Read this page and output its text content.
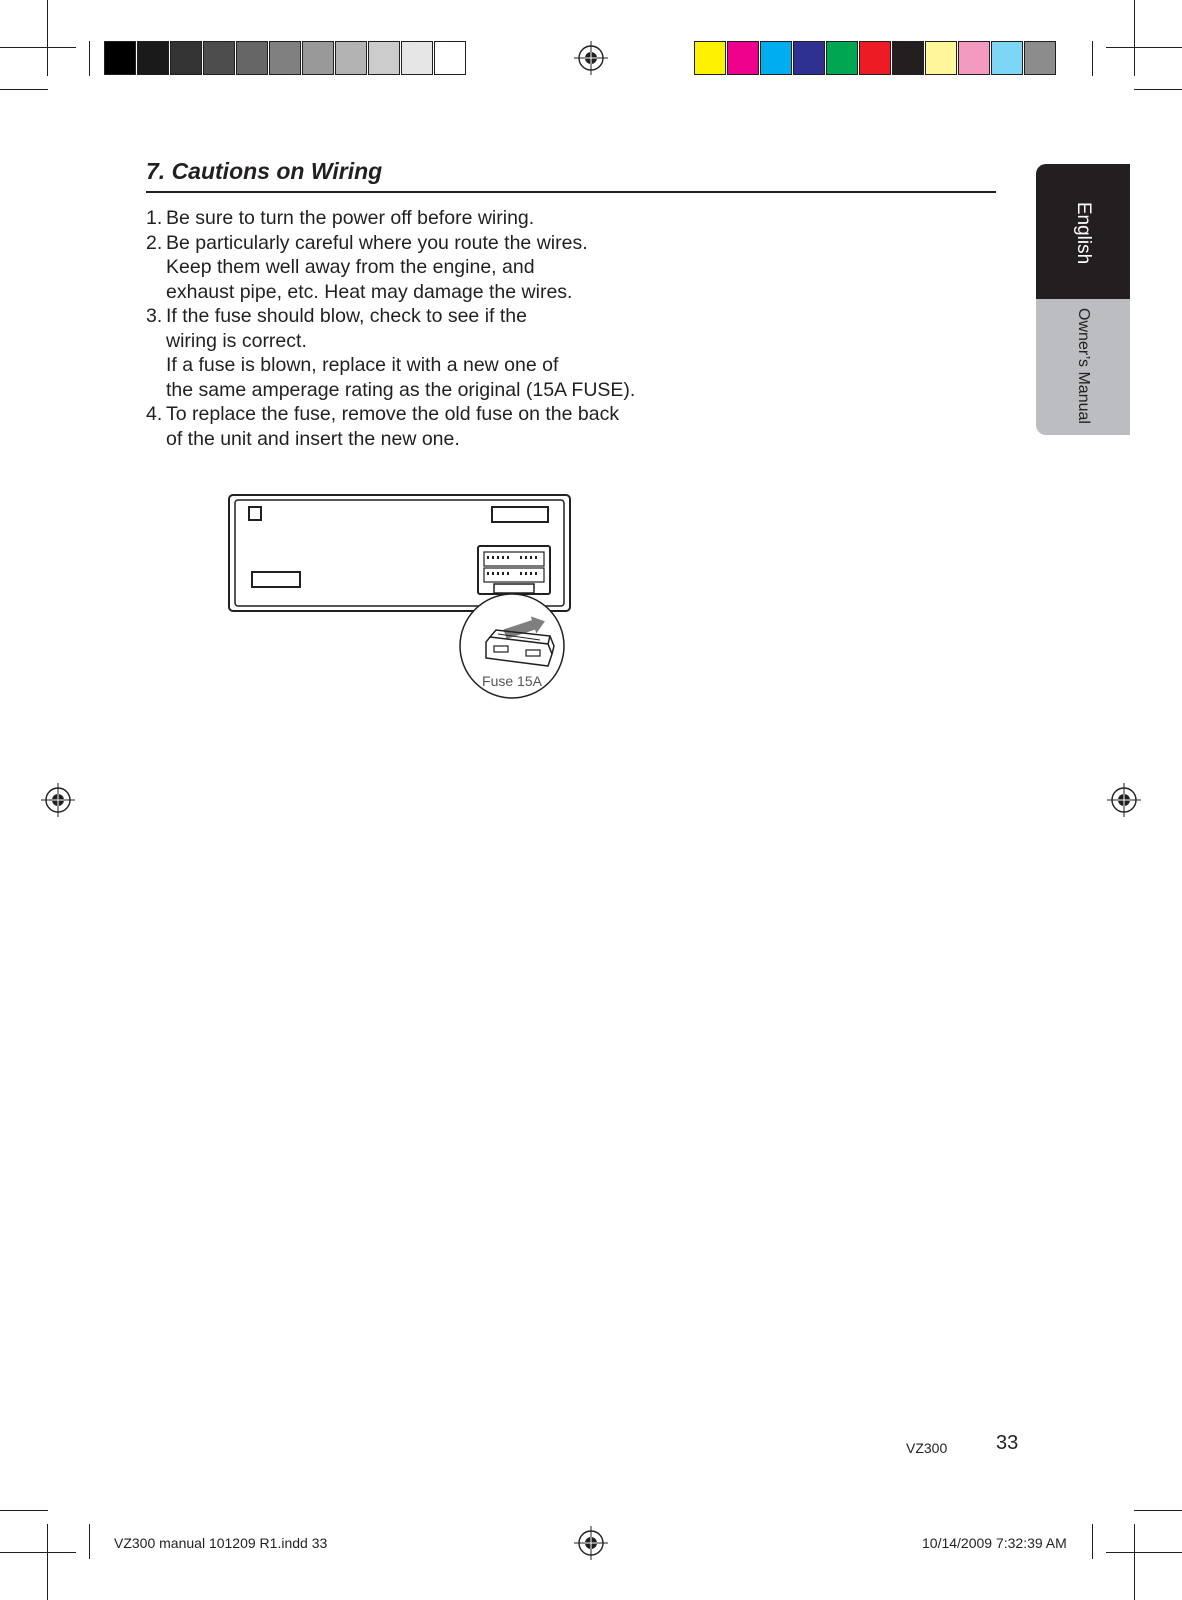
English
Owner’s Manual
7. Cautions on Wiring
1. Be sure to turn the power off before wiring.
2. Be particularly careful where you route the wires.
Keep them well away from the engine, and
exhaust pipe, etc. Heat may damage the wires.
3. If the fuse should blow, check to see if the
wiring is correct.
If a fuse is blown, replace it with a new one of
the same amperage rating as the original (15A FUSE).
4. To replace the fuse, remove the old fuse on the back
of the unit and insert the new one.
Fuse 15A
VZ300 33
VZ300 manual 101209 R1.indd 33	10/14/2009 7:32:39 AM
